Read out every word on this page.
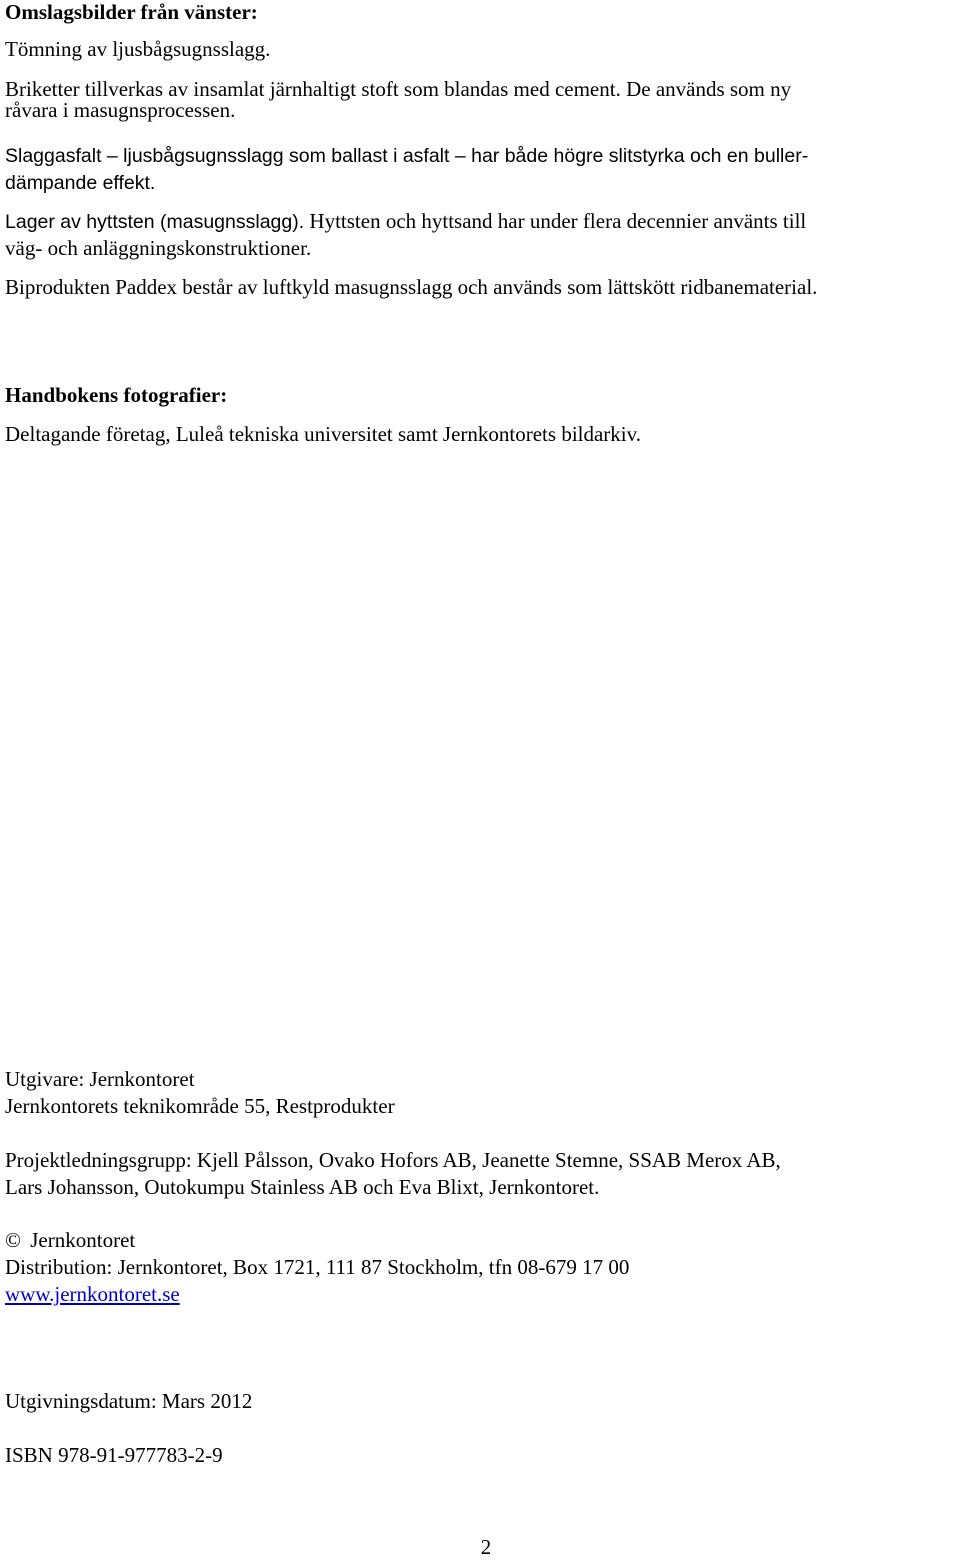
Omslagsbilder från vänster:

Tömning av ljusbågsugnsslagg.

Briketter tillverkas av insamlat järnhaltigt stoft som blandas med cement. De används som ny
råvara i masugnsprocessen.

Slaggasfalt – ljusbågsugnsslagg som ballast i asfalt – har både högre slitstyrka och en buller-
dämpande effekt.

Lager av hyttsten (masugnsslagg). Hyttsten och hyttsand har under flera decennier använts till
väg- och anläggningskonstruktioner.

Biprodukten Paddex består av luftkyld masugnsslagg och används som lättskött ridbanematerial.

Handbokens fotografier:

Deltagande företag, Luleå tekniska universitet samt Jernkontorets bildarkiv.

Utgivare: Jernkontoret

Jernkontorets teknikområde 55, Restprodukter

Projektledningsgrupp: Kjell Pålsson, Ovako Hofors AB, Jeanette Stemne, SSAB Merox AB,
Lars Johansson, Outokumpu Stainless AB och Eva Blixt, Jernkontoret.

© Jernkontoret

Distribution: Jernkontoret, Box 1721, 111 87 Stockholm, tfn 08-679 17 00

www.jernkontoret.se

Utgivningsdatum: Mars 2012

ISBN 978-91-977783-2-9

2
